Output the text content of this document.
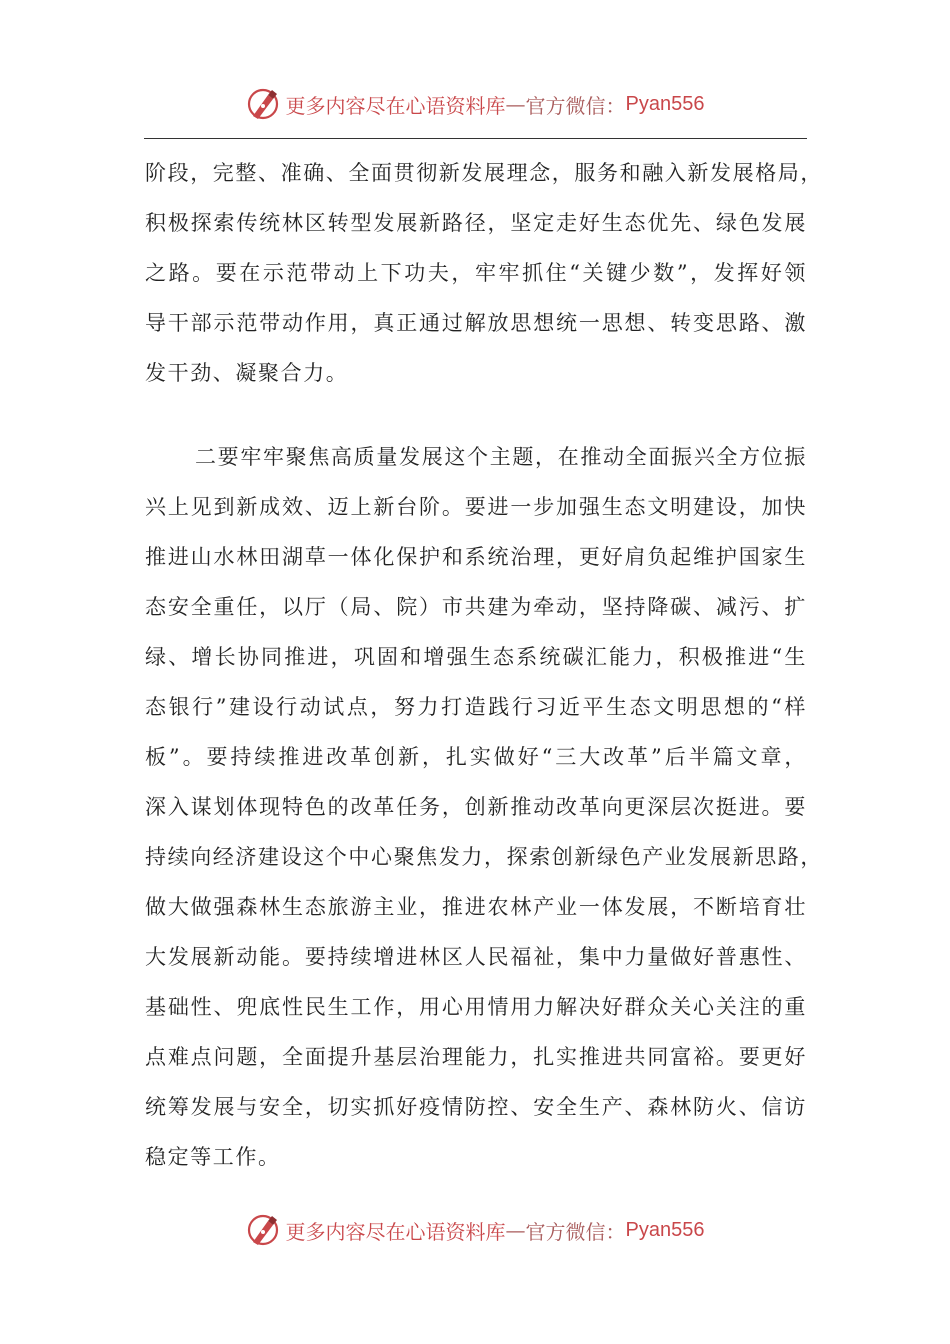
更多内容尽在心语资料库 — 官方微信： Pyan556
阶段，完整、准确、全面贯彻新发展理念，服务和融入新发展格局，
积极探索传统林区转型发展新路径，坚定走好生态优先、绿色发展
之路。要在示范带动上下功夫，牢牢抓住“关键少数”，发挥好领
导干部示范带动作用，真正通过解放思想统一思想、转变思路、激
发干劲、凝聚合力。
二要牢牢聚焦高质量发展这个主题，在推动全面振兴全方位振
兴上见到新成效、迈上新台阶。要进一步加强生态文明建设，加快
推进山水林田湖草一体化保护和系统治理，更好肩负起维护国家生
态安全重任，以厅（局、院）市共建为牵动，坚持降碳、减污、扩
绿、增长协同推进，巩固和增强生态系统碳汇能力，积极推进“生
态银行”建设行动试点，努力打造践行习近平生态文明思想的“样
板”。要持续推进改革创新，扎实做好“三大改革”后半篇文章，
深入谋划体现特色的改革任务，创新推动改革向更深层次挺进。要
持续向经济建设这个中心聚焦发力，探索创新绿色产业发展新思路，
做大做强森林生态旅游主业，推进农林产业一体发展，不断培育壮
大发展新动能。要持续增进林区人民福祉，集中力量做好普惠性、
基础性、兜底性民生工作，用心用情用力解决好群众关心关注的重
点难点问题，全面提升基层治理能力，扎实推进共同富裕。要更好
统筹发展与安全，切实抓好疫情防控、安全生产、森林防火、信访
稳定等工作。
更多内容尽在心语资料库 — 官方微信： Pyan556
